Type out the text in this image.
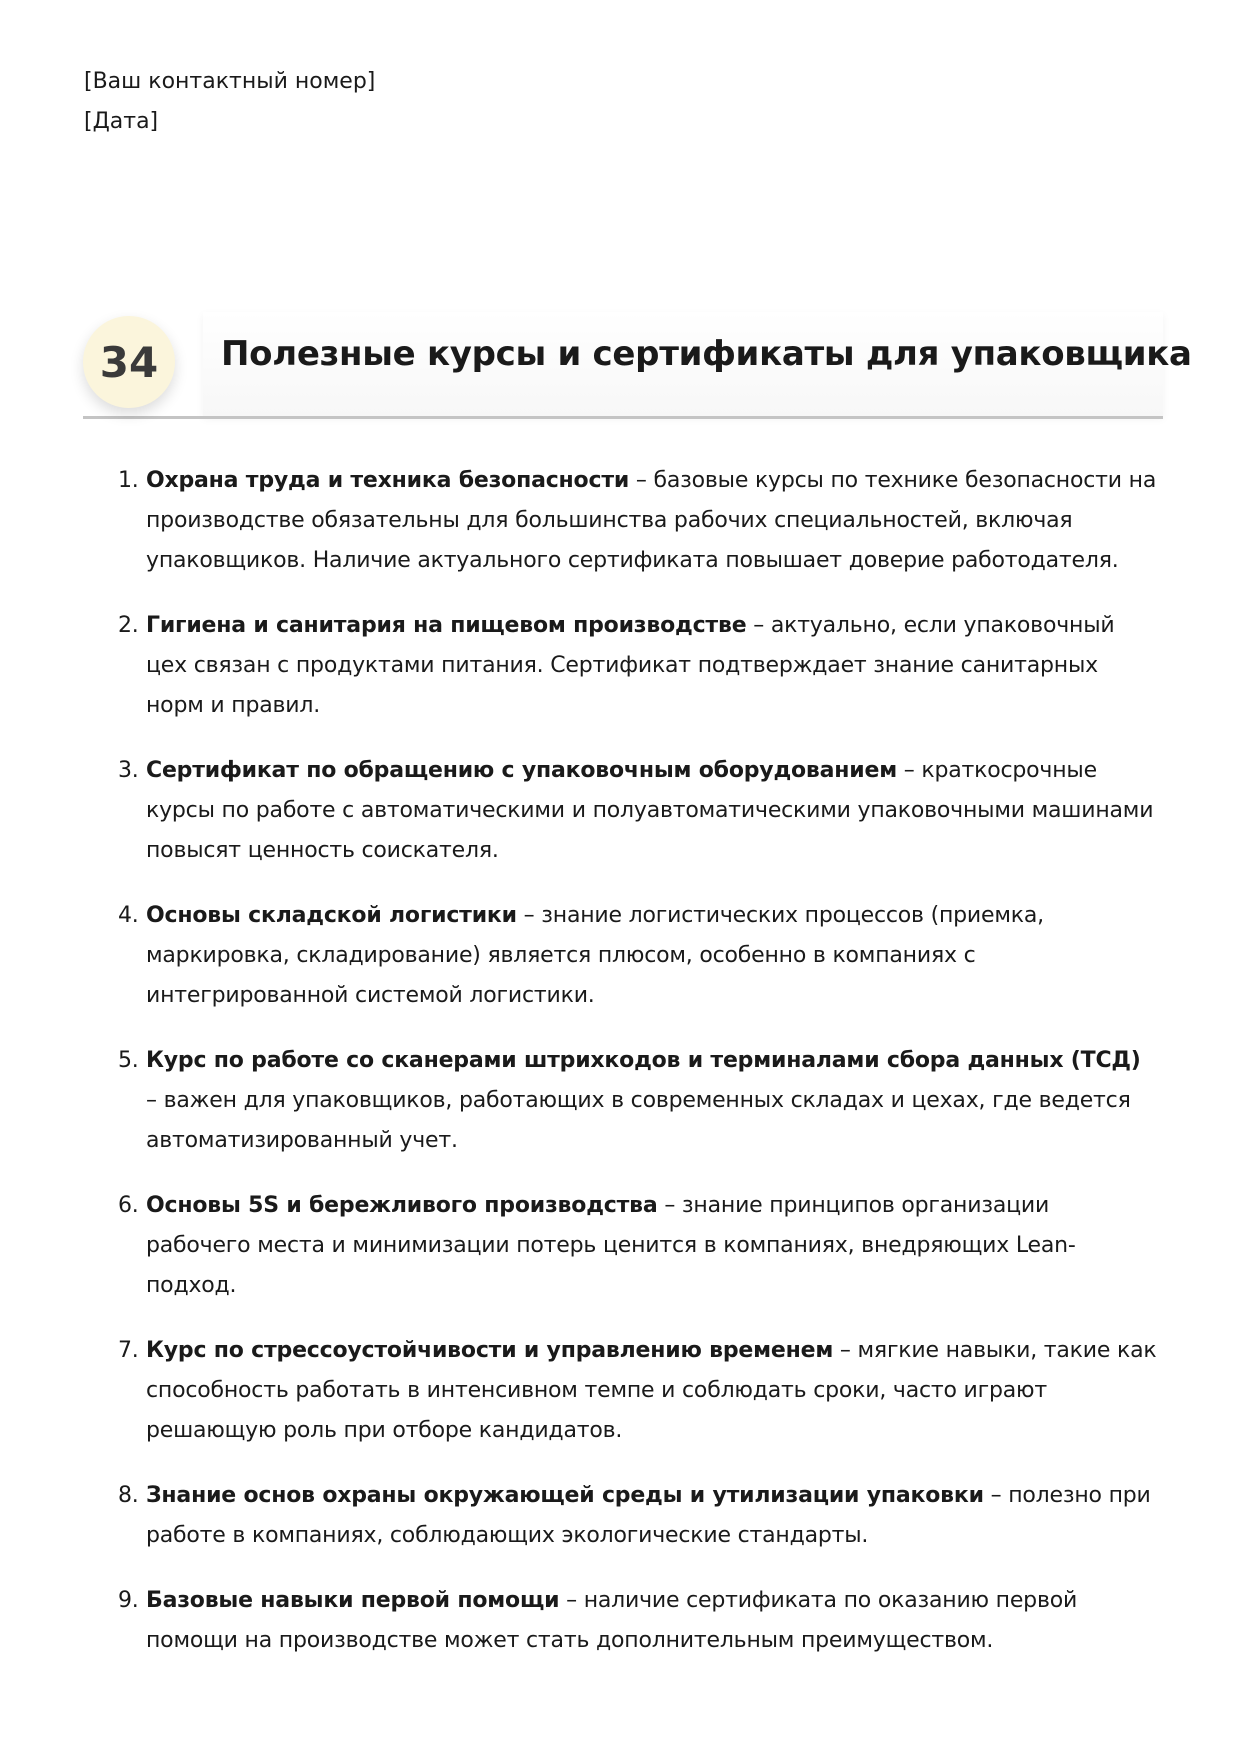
[Ваш контактный номер]
[Дата]
34	Полезные курсы и сертификаты для упаковщика
1. Охрана труда и техника безопасности – базовые курсы по технике безопасности на производстве обязательны для большинства рабочих специальностей, включая упаковщиков. Наличие актуального сертификата повышает доверие работодателя.
2. Гигиена и санитария на пищевом производстве – актуально, если упаковочный цех связан с продуктами питания. Сертификат подтверждает знание санитарных норм и правил.
3. Сертификат по обращению с упаковочным оборудованием – краткосрочные курсы по работе с автоматическими и полуавтоматическими упаковочными машинами повысят ценность соискателя.
4. Основы складской логистики – знание логистических процессов (приемка, маркировка, складирование) является плюсом, особенно в компаниях с интегрированной системой логистики.
5. Курс по работе со сканерами штрихкодов и терминалами сбора данных (ТСД) – важен для упаковщиков, работающих в современных складах и цехах, где ведется автоматизированный учет.
6. Основы 5S и бережливого производства – знание принципов организации рабочего места и минимизации потерь ценится в компаниях, внедряющих Lean-подход.
7. Курс по стрессоустойчивости и управлению временем – мягкие навыки, такие как способность работать в интенсивном темпе и соблюдать сроки, часто играют решающую роль при отборе кандидатов.
8. Знание основ охраны окружающей среды и утилизации упаковки – полезно при работе в компаниях, соблюдающих экологические стандарты.
9. Базовые навыки первой помощи – наличие сертификата по оказанию первой помощи на производстве может стать дополнительным преимуществом.
